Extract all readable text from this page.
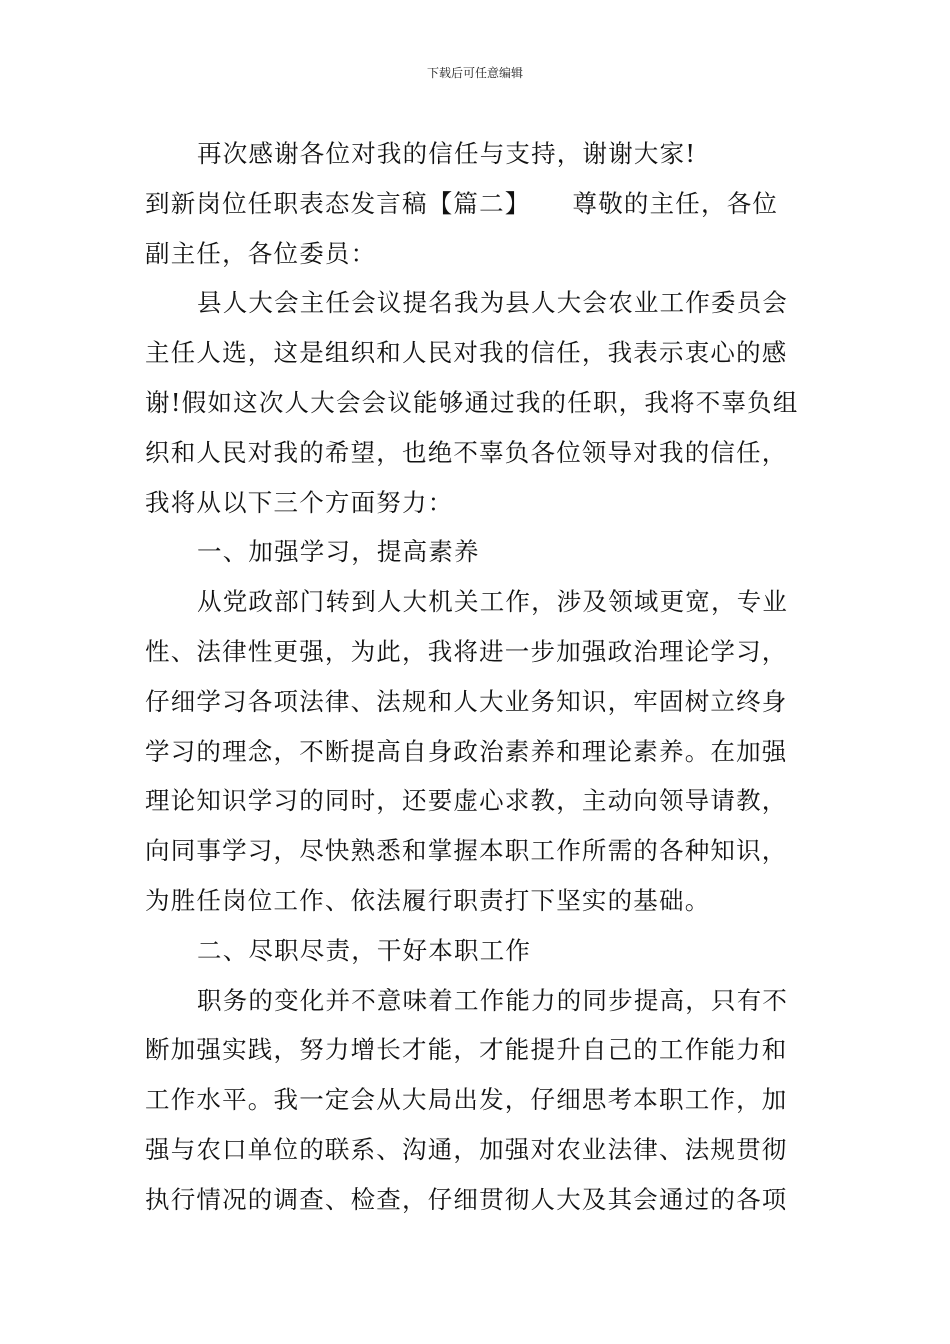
下载后可任意编辑
再次感谢各位对我的信任与支持，谢谢大家!
到新岗位任职表态发言稿【篇二】 尊敬的主任，各位
副主任，各位委员：
县人大会主任会议提名我为县人大会农业工作委员会
主任人选，这是组织和人民对我的信任，我表示衷心的感
谢!假如这次人大会会议能够通过我的任职，我将不辜负组
织和人民对我的希望，也绝不辜负各位领导对我的信任，
我将从以下三个方面努力：
一、加强学习，提高素养
从党政部门转到人大机关工作，涉及领域更宽，专业
性、法律性更强，为此，我将进一步加强政治理论学习，
仔细学习各项法律、法规和人大业务知识，牢固树立终身
学习的理念，不断提高自身政治素养和理论素养。在加强
理论知识学习的同时，还要虚心求教，主动向领导请教，
向同事学习，尽快熟悉和掌握本职工作所需的各种知识，
为胜任岗位工作、依法履行职责打下坚实的基础。
二、尽职尽责，干好本职工作
职务的变化并不意味着工作能力的同步提高，只有不
断加强实践，努力增长才能，才能提升自己的工作能力和
工作水平。我一定会从大局出发，仔细思考本职工作，加
强与农口单位的联系、沟通，加强对农业法律、法规贯彻
执行情况的调查、检查，仔细贯彻人大及其会通过的各项
